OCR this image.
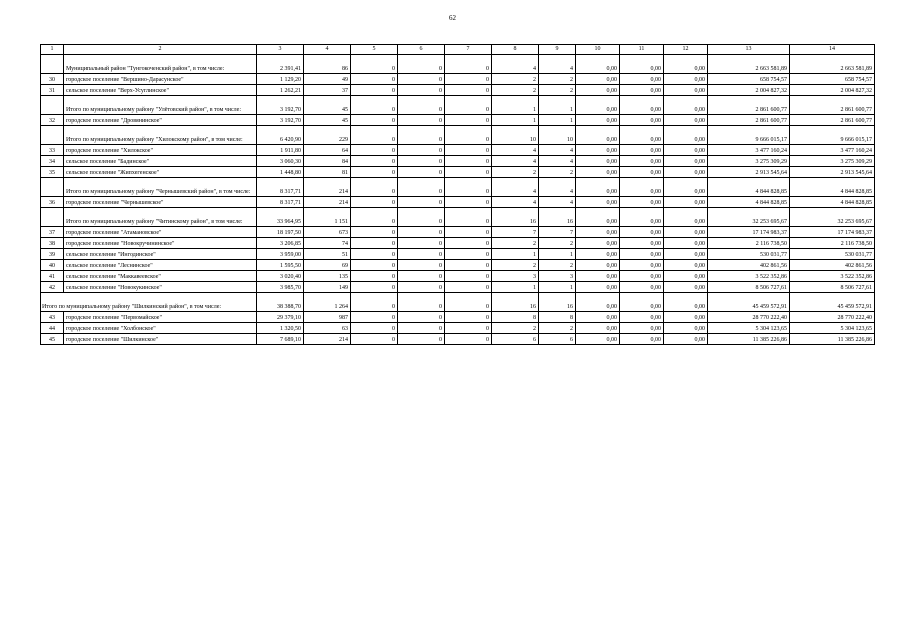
62
1	2	3	4	5	6	7	8	9	10	11	12	13	14
	Муниципальный район "Тунгокоченский район", в том числе:	2 391,41	86	0	0	0	4	4	0,00	0,00	0,00	2 663 581,89	2 663 581,89
30	городское поселение "Вершино-Дарасунское"	1 129,20	49	0	0	0	2	2	0,00	0,00	0,00	658 754,57	658 754,57
31	сельское поселение "Верх-Усуглинское"	1 262,21	37	0	0	0	2	2	0,00	0,00	0,00	2 004 827,32	2 004 827,32
	Итого по муниципальному району "Улётовский район", в том числе:	3 192,70	45	0	0	0	1	1	0,00	0,00	0,00	2 861 600,77	2 861 600,77
32	городское поселение "Дровянинское"	3 192,70	45	0	0	0	1	1	0,00	0,00	0,00	2 861 600,77	2 861 600,77
	Итого по муниципальному району "Хилокскому район", в том числе:	6 420,90	229	0	0	0	10	10	0,00	0,00	0,00	9 666 015,17	9 666 015,17
33	городское поселение "Хилокское"	1 911,80	64	0	0	0	4	4	0,00	0,00	0,00	3 477 160,24	3 477 160,24
34	сельское поселение "Бадинское"	3 060,30	84	0	0	0	4	4	0,00	0,00	0,00	3 275 309,29	3 275 309,29
35	сельское поселение "Жипхегенское"	1 448,80	81	0	0	0	2	2	0,00	0,00	0,00	2 913 545,64	2 913 545,64
	Итого по муниципальному району "Чернышевский район", в том числе:	8 317,71	214	0	0	0	4	4	0,00	0,00	0,00	4 844 828,85	4 844 828,85
36	городское поселение "Чернышевское"	8 317,71	214	0	0	0	4	4	0,00	0,00	0,00	4 844 828,85	4 844 828,85
	Итого по муниципальному району "Читинскому район", в том числе:	33 964,95	1 151	0	0	0	16	16	0,00	0,00	0,00	32 253 695,67	32 253 695,67
37	городское поселение "Атамановское"	18 197,50	673	0	0	0	7	7	0,00	0,00	0,00	17 174 983,37	17 174 983,37
38	городское поселение "Новокручининское"	3 206,85	74	0	0	0	2	2	0,00	0,00	0,00	2 116 738,50	2 116 738,50
39	сельское поселение "Ингодинское"	3 959,00	51	0	0	0	1	1	0,00	0,00	0,00	530 031,77	530 031,77
40	сельское поселение "Леснинское"	1 595,50	69	0	0	0	2	2	0,00	0,00	0,00	402 861,56	402 861,56
41	сельское поселение "Маккавеевское"	3 020,40	135	0	0	0	3	3	0,00	0,00	0,00	3 522 352,86	3 522 352,86
42	сельское поселение "Новокукинское"	3 985,70	149	0	0	0	1	1	0,00	0,00	0,00	8 506 727,61	8 506 727,61
Итого по муниципальному району "Шилкинский район", в том числе:		38 388,70	1 264	0	0	0	16	16	0,00	0,00	0,00	45 459 572,91	45 459 572,91
43	городское поселение "Первомайское"	29 379,10	987	0	0	0	8	8	0,00	0,00	0,00	28 770 222,40	28 770 222,40
44	городское поселение "Холбонское"	1 320,50	63	0	0	0	2	2	0,00	0,00	0,00	5 304 123,65	5 304 123,65
45	городское поселение "Шилкинское"	7 689,10	214	0	0	0	6	6	0,00	0,00	0,00	11 385 226,86	11 385 226,86
